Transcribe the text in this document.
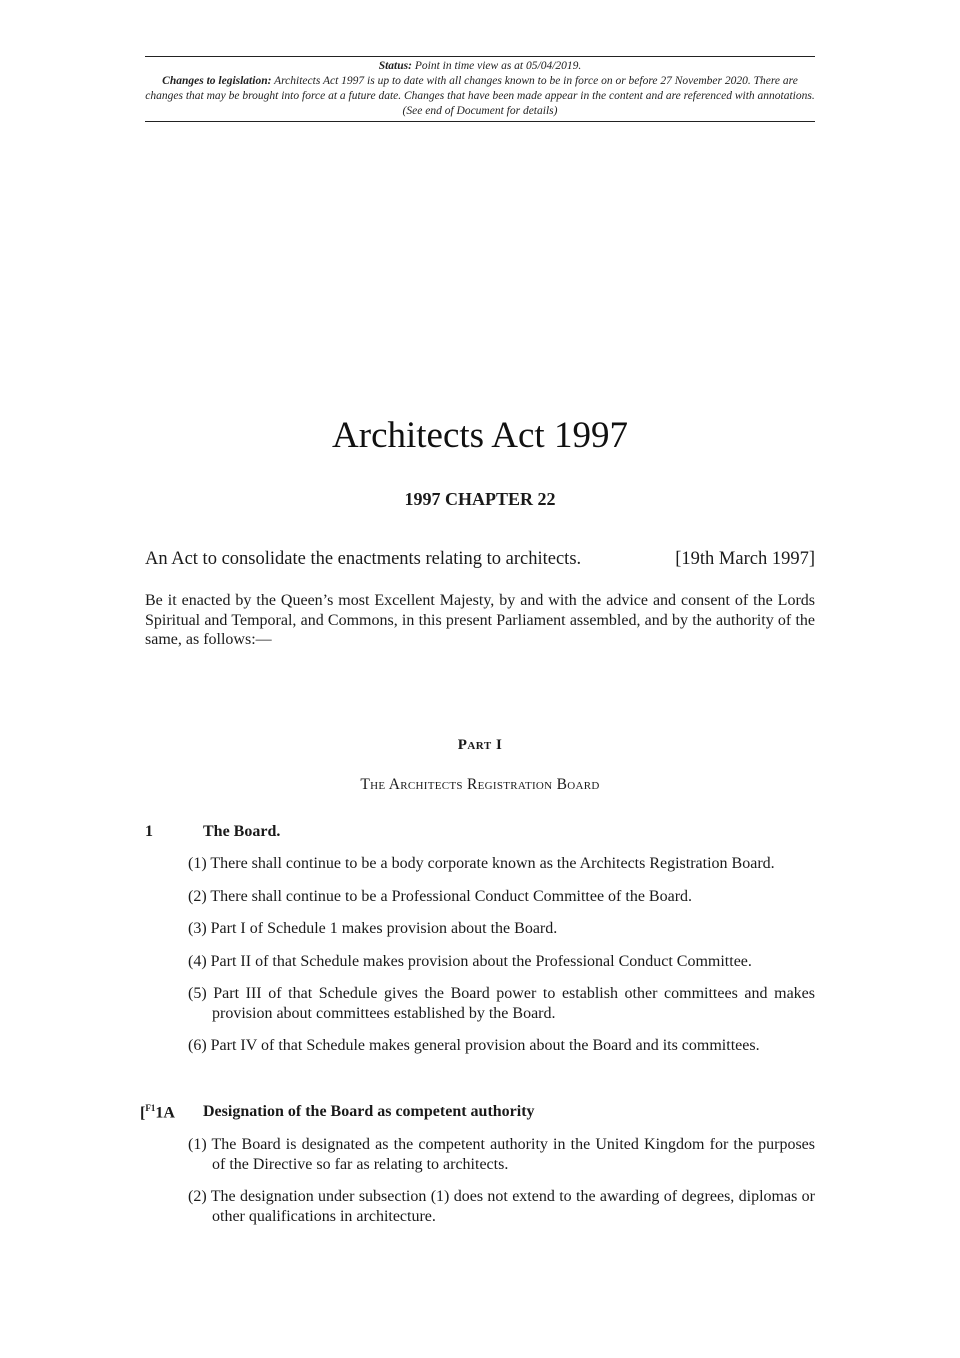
Status: Point in time view as at 05/04/2019.
Changes to legislation: Architects Act 1997 is up to date with all changes known to be in force on or before 27 November 2020. There are changes that may be brought into force at a future date. Changes that have been made appear in the content and are referenced with annotations. (See end of Document for details)
Architects Act 1997
1997 CHAPTER 22
An Act to consolidate the enactments relating to architects.	[19th March 1997]
Be it enacted by the Queen’s most Excellent Majesty, by and with the advice and consent of the Lords Spiritual and Temporal, and Commons, in this present Parliament assembled, and by the authority of the same, as follows:—
Part I
The Architects Registration Board
1	The Board.
(1) There shall continue to be a body corporate known as the Architects Registration Board.
(2) There shall continue to be a Professional Conduct Committee of the Board.
(3) Part I of Schedule 1 makes provision about the Board.
(4) Part II of that Schedule makes provision about the Professional Conduct Committee.
(5) Part III of that Schedule gives the Board power to establish other committees and makes provision about committees established by the Board.
(6) Part IV of that Schedule makes general provision about the Board and its committees.
[$^{F1}$1A	Designation of the Board as competent authority
(1) The Board is designated as the competent authority in the United Kingdom for the purposes of the Directive so far as relating to architects.
(2) The designation under subsection (1) does not extend to the awarding of degrees, diplomas or other qualifications in architecture.
